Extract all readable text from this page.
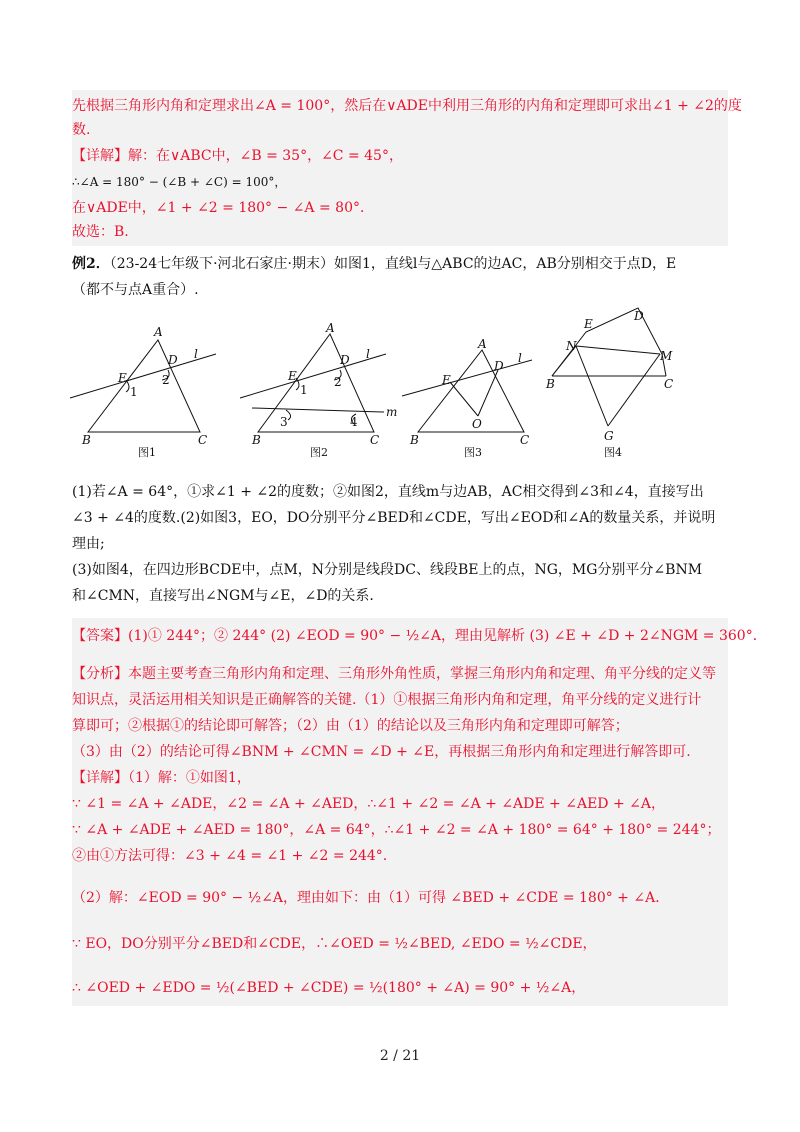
先根据三角形内角和定理求出∠A = 100°，然后在∨ADE中利用三角形的内角和定理即可求出∠1 + ∠2的度
数.
【详解】解：在∨ABC中，∠B = 35°，∠C = 45°，
∴∠A = 180° − (∠B + ∠C) = 100°，
在∨ADE中，∠1 + ∠2 = 180° − ∠A = 80°．
故选：B.
例2．（23-24七年级下·河北石家庄·期末）如图1，直线l与△ABC的边AC，AB分别相交于点D，E
（都不与点A重合）.
B	C
A
E
D l
1
2
B	C
A
E
D l
m
1
2
3	4
B	C
A
E
D
l
O
B	C
E
D
N
M
G
图1	图2	图3	图4
(1)若∠A = 64°，①求∠1 + ∠2的度数；②如图2，直线m与边AB，AC相交得到∠3和∠4，直接写出
∠3 + ∠4的度数.(2)如图3，EO，DO分别平分∠BED和∠CDE，写出∠EOD和∠A的数量关系，并说明
理由;
(3)如图4，在四边形BCDE中，点M，N分别是线段DC、线段BE上的点，NG，MG分别平分∠BNM
和∠CMN，直接写出∠NGM与∠E，∠D的关系.
【答案】(1)① 244°；② 244° (2) ∠EOD = 90° − ½∠A，理由见解析 (3) ∠E + ∠D + 2∠NGM = 360°．
【分析】本题主要考查三角形内角和定理、三角形外角性质，掌握三角形内角和定理、角平分线的定义等
知识点，灵活运用相关知识是正确解答的关键.（1）①根据三角形内角和定理，角平分线的定义进行计
算即可；②根据①的结论即可解答；（2）由（1）的结论以及三角形内角和定理即可解答；
（3）由（2）的结论可得∠BNM + ∠CMN = ∠D + ∠E，再根据三角形内角和定理进行解答即可.
【详解】（1）解：①如图1，
∵ ∠1 = ∠A + ∠ADE，∠2 = ∠A + ∠AED，∴∠1 + ∠2 = ∠A + ∠ADE + ∠AED + ∠A，
∵ ∠A + ∠ADE + ∠AED = 180°，∠A = 64°，∴∠1 + ∠2 = ∠A + 180° = 64° + 180° = 244°；
②由①方法可得：∠3 + ∠4 = ∠1 + ∠2 = 244°.
（2）解：∠EOD = 90° − ½∠A，理由如下：由（1）可得 ∠BED + ∠CDE = 180° + ∠A．
∵ EO，DO分别平分∠BED和∠CDE，∴∠OED = ½∠BED, ∠EDO = ½∠CDE，
∴ ∠OED + ∠EDO = ½(∠BED + ∠CDE) = ½(180° + ∠A) = 90° + ½∠A，
2 / 21
